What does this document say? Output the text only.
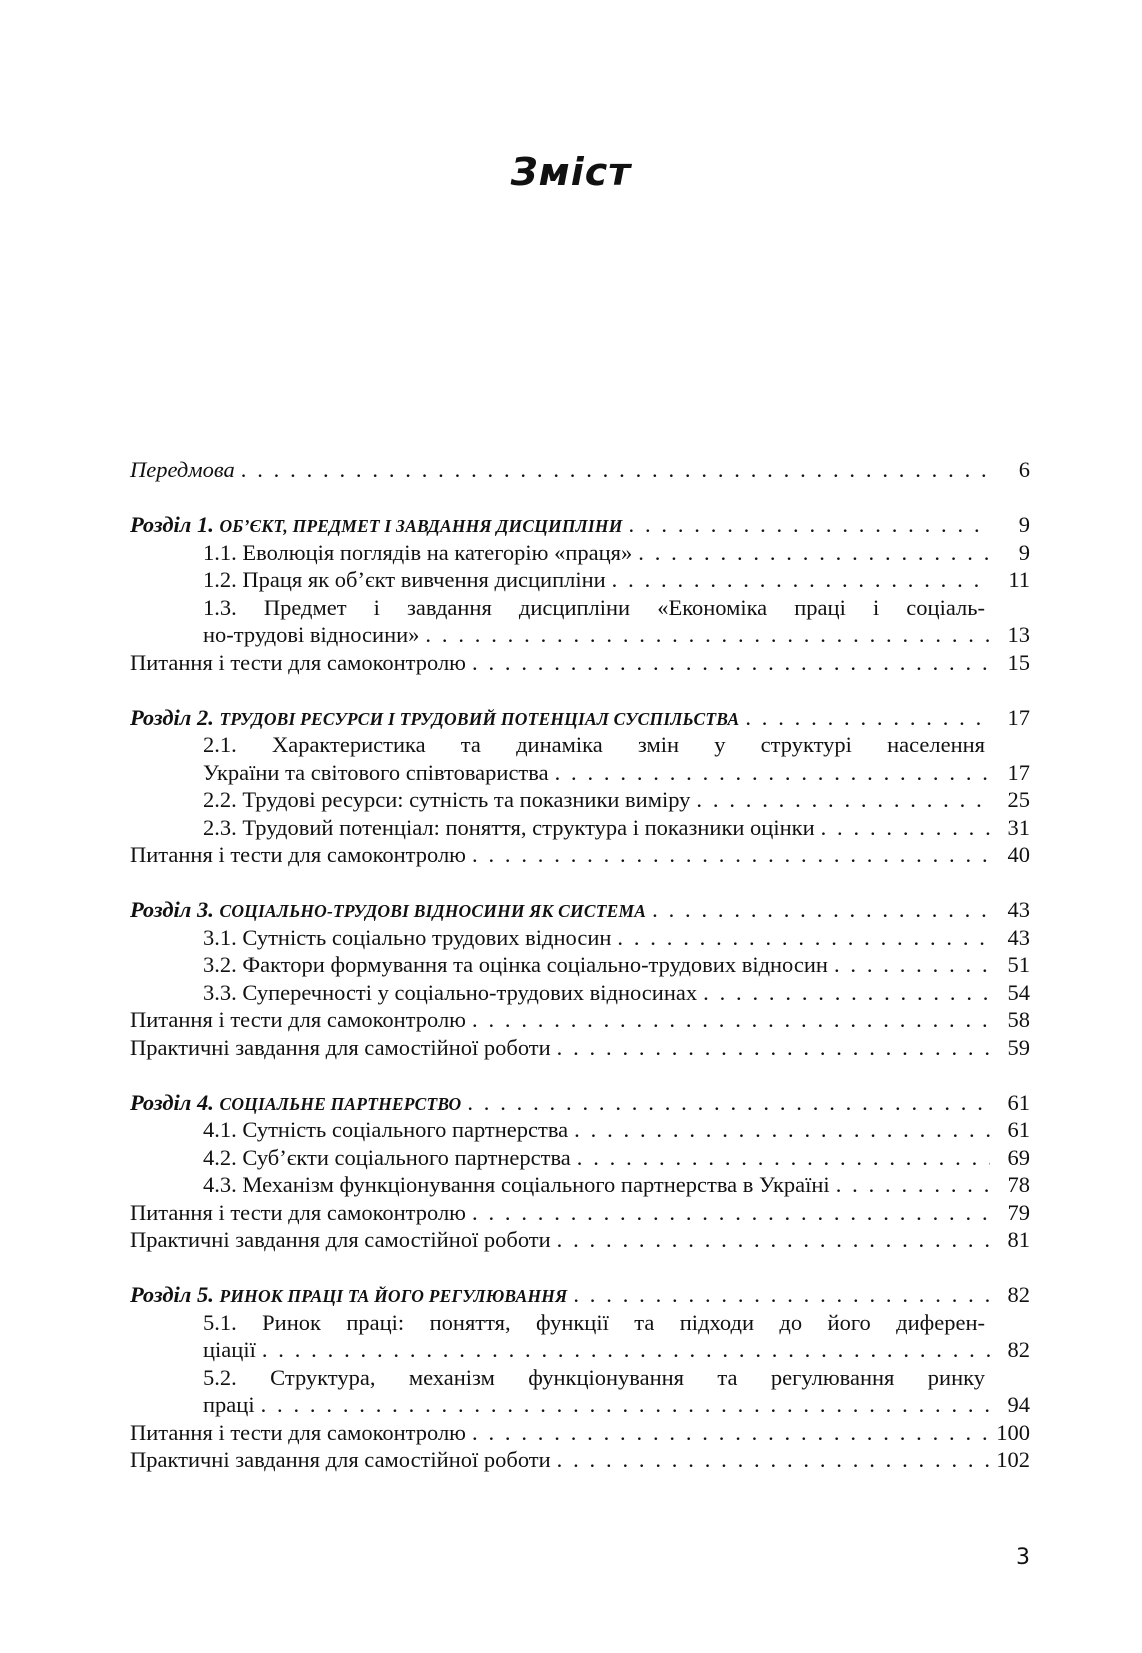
Зміст
Передмова . . .	6
Розділ 1. ОБ’ЄКТ, ПРЕДМЕТ І ЗАВДАННЯ ДИСЦИПЛІНИ . . .	9
1.1. Еволюція поглядів на категорію «праця» . . .	9
1.2. Праця як об’єкт вивчення дисципліни . . .	11
1.3. Предмет і завдання дисципліни «Економіка праці і соціаль-
но-трудові відносини» . . .	13
Питання і тести для самоконтролю . . .	15
Розділ 2. ТРУДОВІ РЕСУРСИ І ТРУДОВИЙ ПОТЕНЦІАЛ СУСПІЛЬСТВА . . .	17
2.1. Характеристика та динаміка змін у структурі населення
України та світового співтовариства . . .	17
2.2. Трудові ресурси: сутність та показники виміру . . .	25
2.3. Трудовий потенціал: поняття, структура і показники оцінки . . .	31
Питання і тести для самоконтролю . . .	40
Розділ 3. СОЦІАЛЬНО-ТРУДОВІ ВІДНОСИНИ ЯК СИСТЕМА . . .	43
3.1. Сутність соціально трудових відносин . . .	43
3.2. Фактори формування та оцінка соціально-трудових відносин . . .	51
3.3. Суперечності у соціально-трудових відносинах . . .	54
Питання і тести для самоконтролю . . .	58
Практичні завдання для самостійної роботи . . .	59
Розділ 4. СОЦІАЛЬНЕ ПАРТНЕРСТВО . . .	61
4.1. Сутність соціального партнерства . . .	61
4.2. Суб’єкти соціального партнерства . . .	69
4.3. Механізм функціонування соціального партнерства в Україні . . .	78
Питання і тести для самоконтролю . . .	79
Практичні завдання для самостійної роботи . . .	81
Розділ 5. РИНОК ПРАЦІ ТА ЙОГО РЕГУЛЮВАННЯ . . .	82
5.1. Ринок праці: поняття, функції та підходи до його диферен-
ціації . . .	82
5.2. Структура, механізм функціонування та регулювання ринку
праці . . .	94
Питання і тести для самоконтролю . . .	100
Практичні завдання для самостійної роботи . . .	102
3
